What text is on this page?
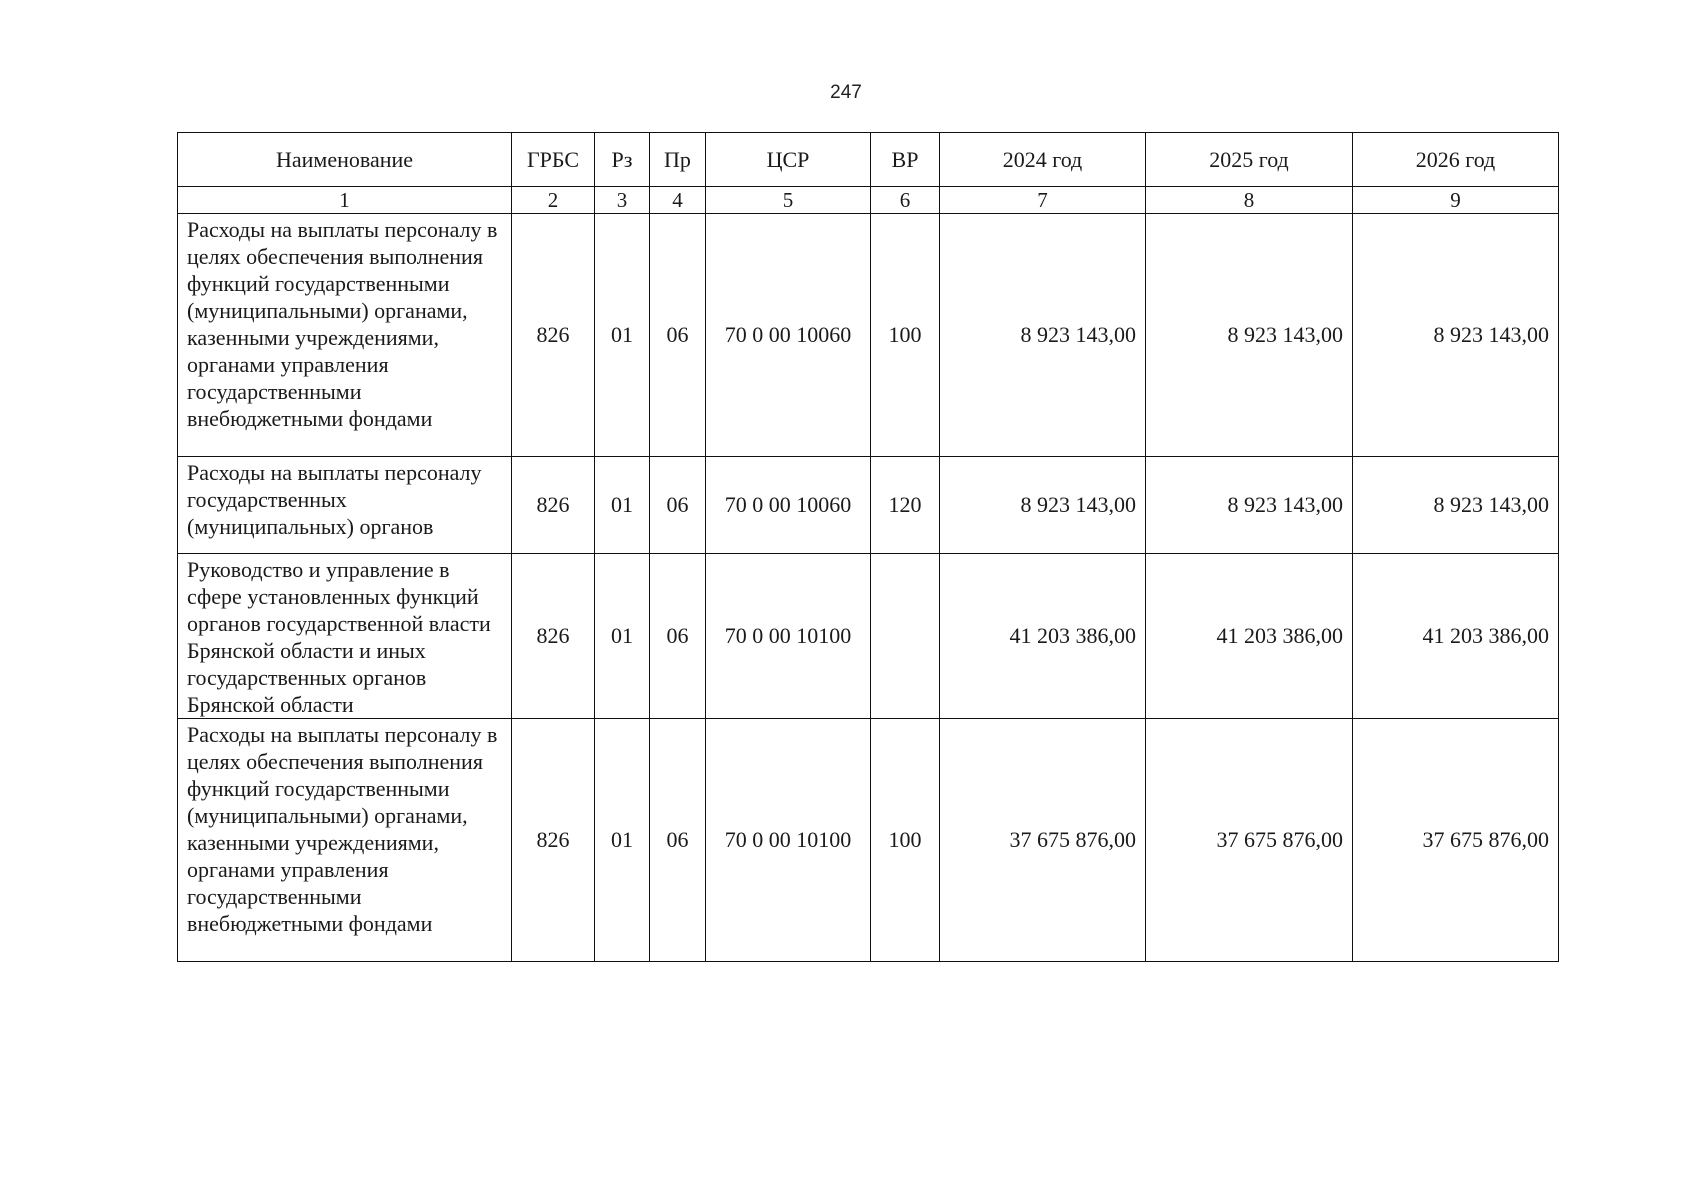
247
Наименование	ГРБС	Рз	Пр	ЦСР	ВР	2024 год	2025 год	2026 год
1	2	3	4	5	6	7	8	9
Расходы на выплаты персоналу в целях обеспечения выполнения функций государственными (муниципальными) органами, казенными учреждениями, органами управления государственными внебюджетными фондами	826	01	06	70 0 00 10060	100	8 923 143,00	8 923 143,00	8 923 143,00
Расходы на выплаты персоналу государственных (муниципальных) органов	826	01	06	70 0 00 10060	120	8 923 143,00	8 923 143,00	8 923 143,00
Руководство и управление в сфере установленных функций органов государственной власти Брянской области и иных государственных органов Брянской области	826	01	06	70 0 00 10100		41 203 386,00	41 203 386,00	41 203 386,00
Расходы на выплаты персоналу в целях обеспечения выполнения функций государственными (муниципальными) органами, казенными учреждениями, органами управления государственными внебюджетными фондами	826	01	06	70 0 00 10100	100	37 675 876,00	37 675 876,00	37 675 876,00
